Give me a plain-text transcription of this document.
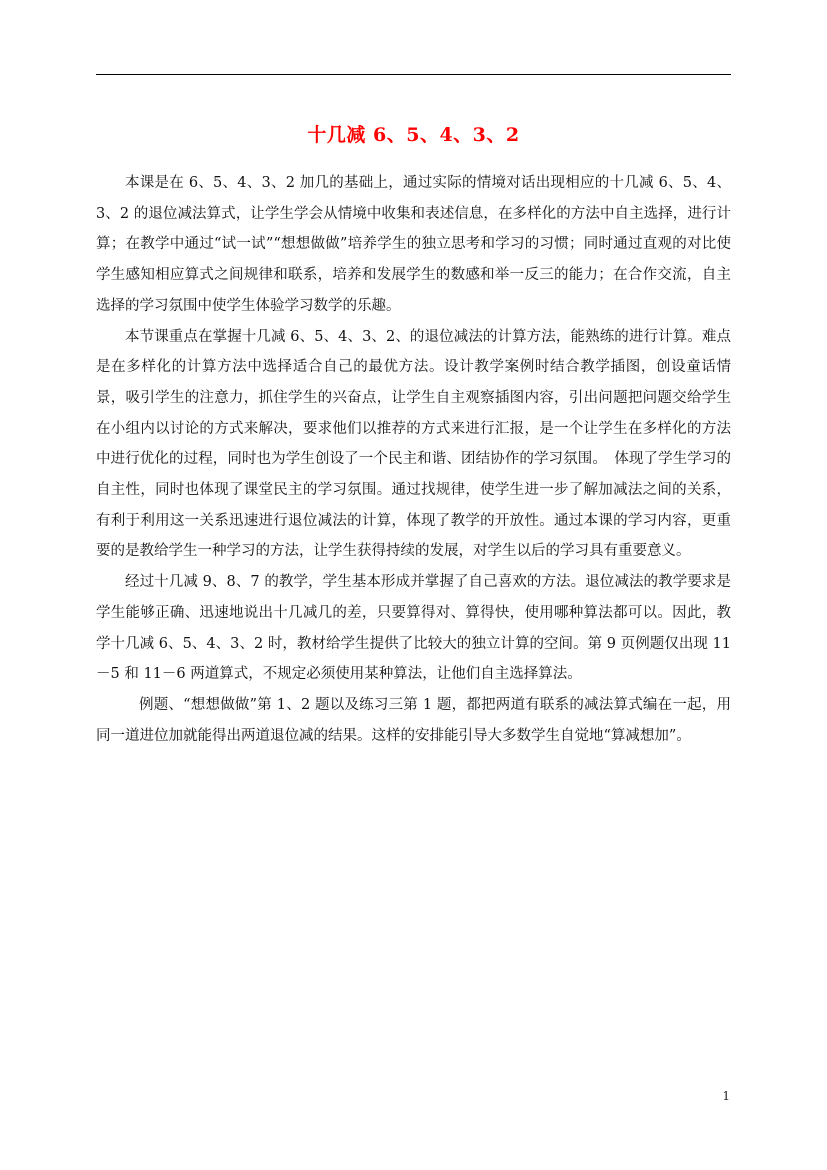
十几减 6、5、4、3、2

本课是在 6、5、4、3、2 加几的基础上，通过实际的情境对话出现相应的十几减 6、5、4、3、2 的退位减法算式，让学生学会从情境中收集和表述信息，在多样化的方法中自主选择，进行计算；在教学中通过“试一试”“想想做做”培养学生的独立思考和学习的习惯；同时通过直观的对比使学生感知相应算式之间规律和联系，培养和发展学生的数感和举一反三的能力；在合作交流，自主选择的学习氛围中使学生体验学习数学的乐趣。

本节课重点在掌握十几减 6、5、4、3、2、的退位减法的计算方法，能熟练的进行计算。难点是在多样化的计算方法中选择适合自己的最优方法。设计教学案例时结合教学插图，创设童话情景，吸引学生的注意力，抓住学生的兴奋点，让学生自主观察插图内容，引出问题把问题交给学生在小组内以讨论的方式来解决，要求他们以推荐的方式来进行汇报，是一个让学生在多样化的方法中进行优化的过程，同时也为学生创设了一个民主和谐、团结协作的学习氛围。　体现了学生学习的自主性，同时也体现了课堂民主的学习氛围。通过找规律，使学生进一步了解加减法之间的关系，有利于利用这一关系迅速进行退位减法的计算，体现了教学的开放性。通过本课的学习内容，更重要的是教给学生一种学习的方法，让学生获得持续的发展，对学生以后的学习具有重要意义。

经过十几减 9、8、7 的教学，学生基本形成并掌握了自己喜欢的方法。退位减法的教学要求是学生能够正确、迅速地说出十几减几的差，只要算得对、算得快，使用哪种算法都可以。因此，教学十几减 6、5、4、3、2 时，教材给学生提供了比较大的独立计算的空间。第 9 页例题仅出现 11－5 和 11－6 两道算式，不规定必须使用某种算法，让他们自主选择算法。

例题、“想想做做”第 1、2 题以及练习三第 1 题，都把两道有联系的减法算式编在一起，用同一道进位加就能得出两道退位减的结果。这样的安排能引导大多数学生自觉地“算减想加”。

1
